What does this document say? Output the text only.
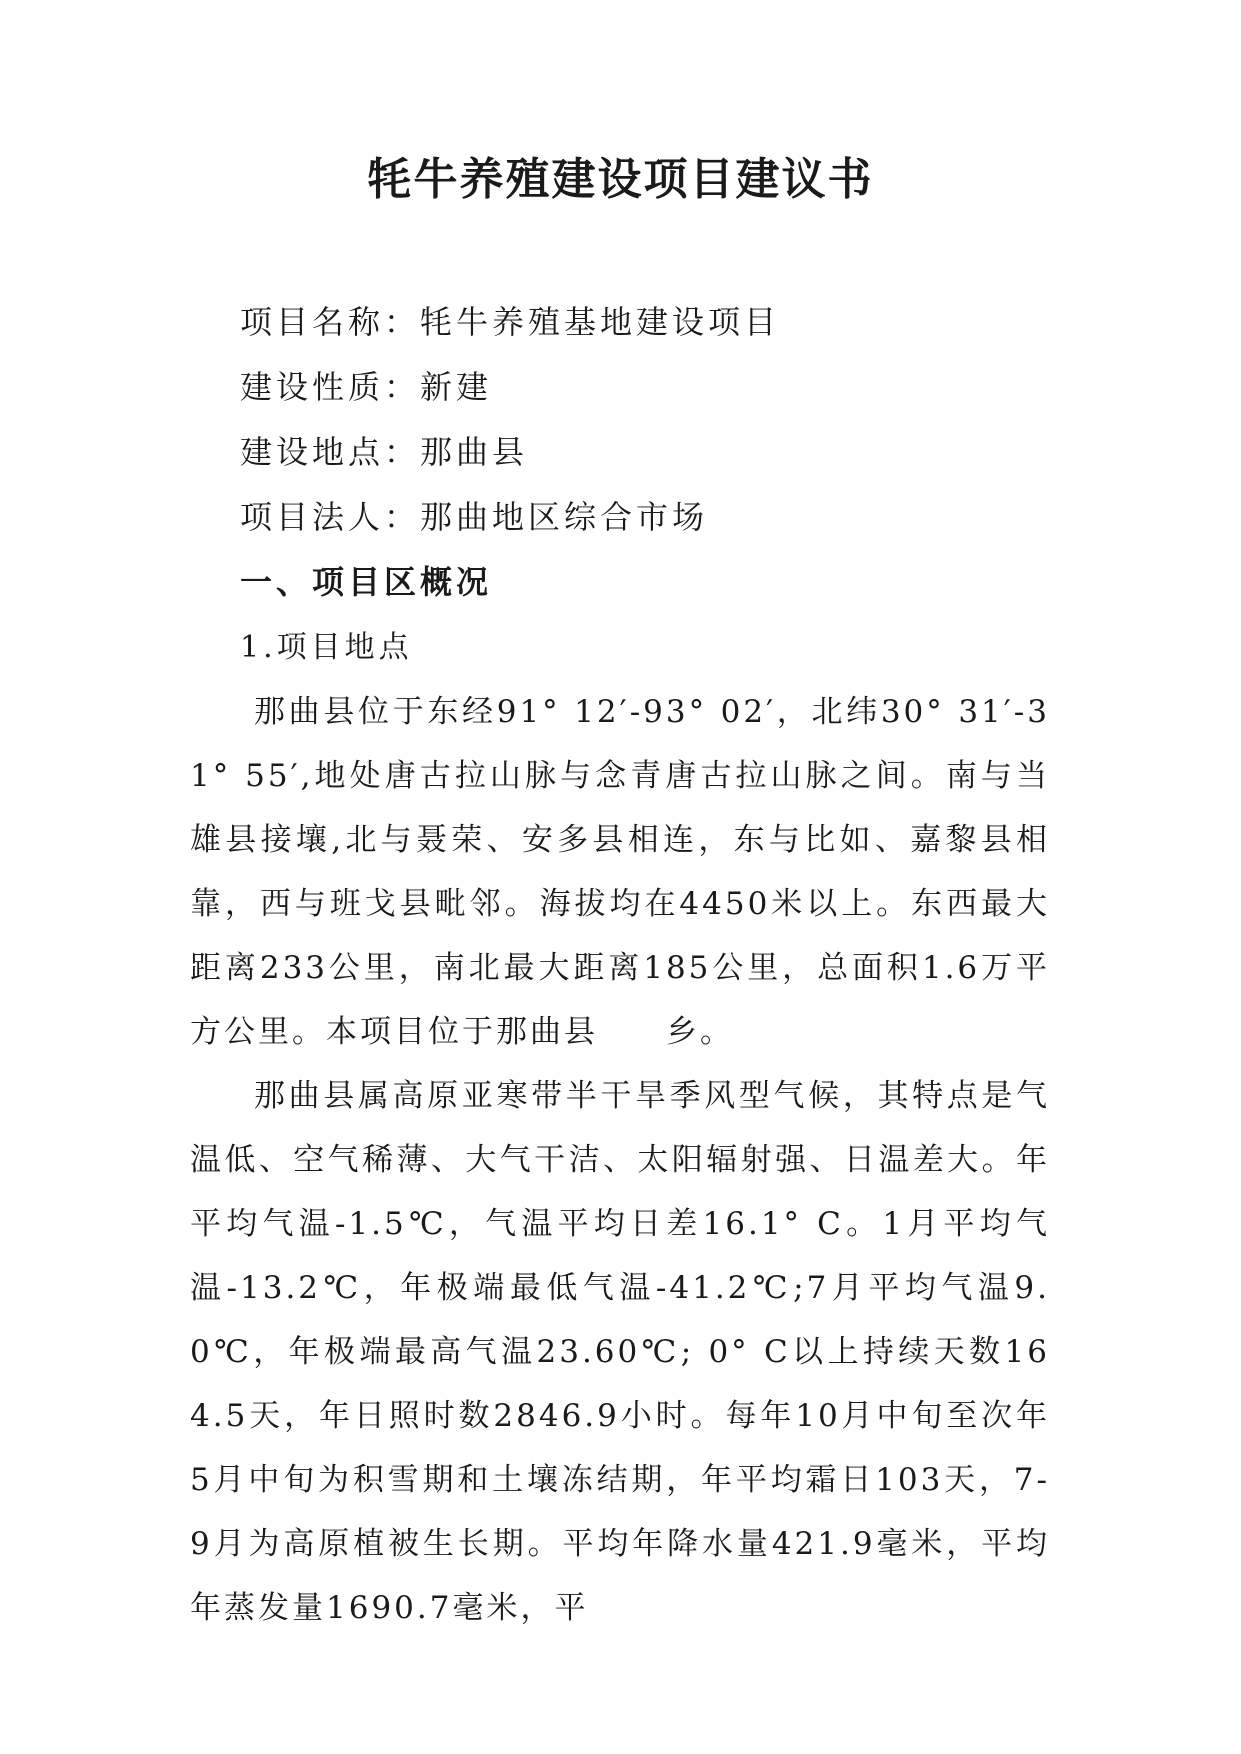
牦牛养殖建设项目建议书
项目名称：牦牛养殖基地建设项目
建设性质：新建
建设地点：那曲县
项目法人：那曲地区综合市场
一、项目区概况
1.项目地点

那曲县位于东经91° 12′-93° 02′，北纬30° 31′-31° 55′,地处唐古拉山脉与念青唐古拉山脉之间。南与当雄县接壤,北与聂荣、安多县相连，东与比如、嘉黎县相靠，西与班戈县毗邻。海拔均在4450米以上。东西最大距离233公里，南北最大距离185公里，总面积1.6万平方公里。本项目位于那曲县　　乡。

那曲县属高原亚寒带半干旱季风型气候，其特点是气温低、空气稀薄、大气干洁、太阳辐射强、日温差大。年平均气温-1.5℃，气温平均日差16.1° C。1月平均气温-13.2℃，年极端最低气温-41.2℃;7月平均气温9.0℃，年极端最高气温23.60℃; 0° C以上持续天数164.5天，年日照时数2846.9小时。每年10月中旬至次年5月中旬为积雪期和土壤冻结期，年平均霜日103天，7-9月为高原植被生长期。平均年降水量421.9毫米，平均年蒸发量1690.7毫米，平
